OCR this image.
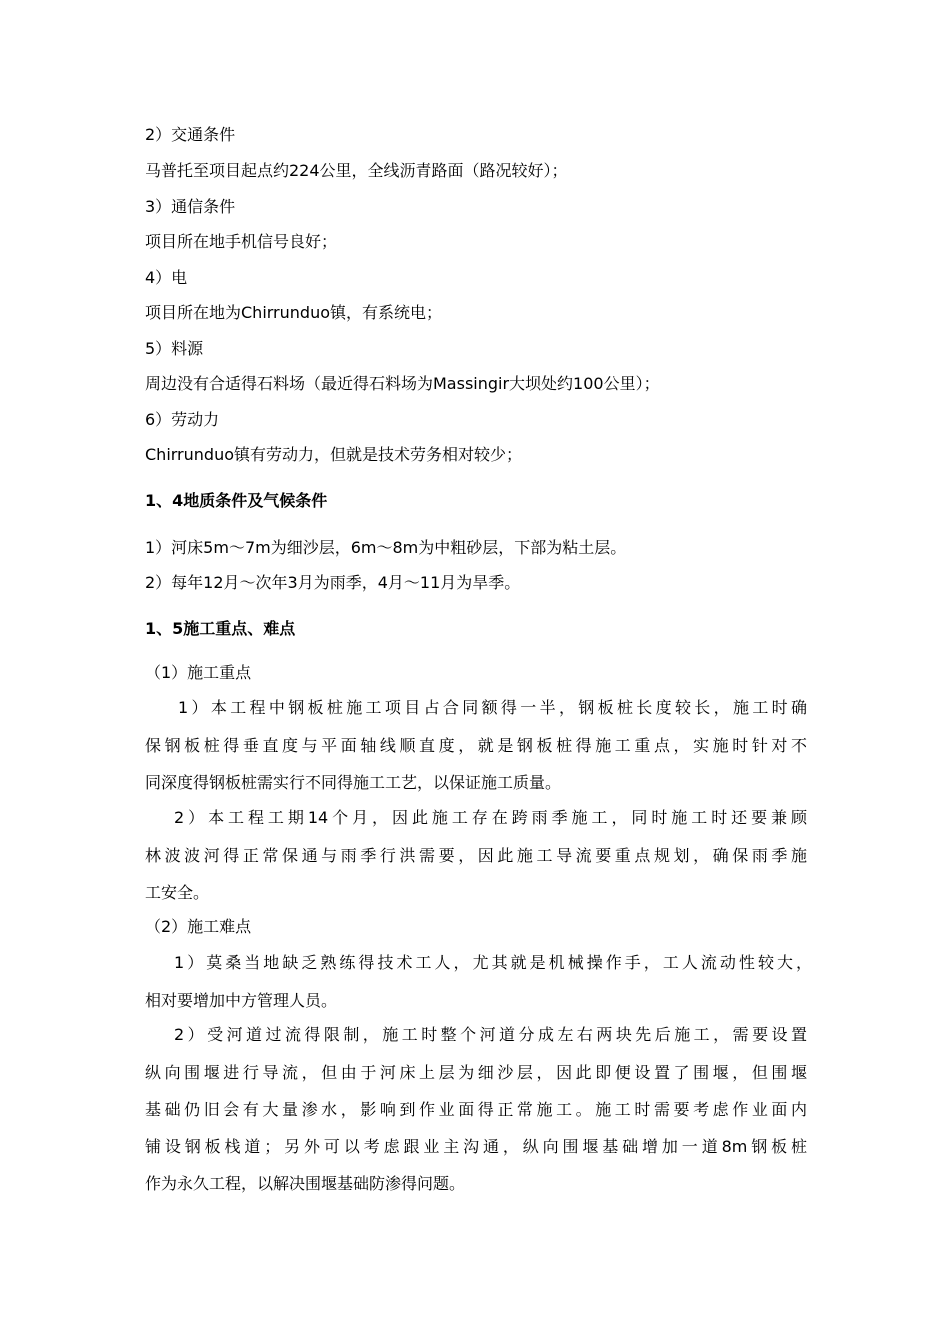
2）交通条件
马普托至项目起点约224公里，全线沥青路面（路况较好）；
3）通信条件
项目所在地手机信号良好；
4）电
项目所在地为Chirrunduo镇，有系统电；
5）料源
周边没有合适得石料场（最近得石料场为Massingir大坝处约100公里）；
6）劳动力
Chirrunduo镇有劳动力，但就是技术劳务相对较少；
1、4地质条件及气候条件
1）河床5m～7m为细沙层，6m～8m为中粗砂层，下部为粘土层。
2）每年12月～次年3月为雨季，4月～11月为旱季。
1、5施工重点、难点
（1）施工重点
1）本工程中钢板桩施工项目占合同额得一半，钢板桩长度较长，施工时确
保钢板桩得垂直度与平面轴线顺直度，就是钢板桩得施工重点，实施时针对不
同深度得钢板桩需实行不同得施工工艺，以保证施工质量。
2）本工程工期14个月，因此施工存在跨雨季施工，同时施工时还要兼顾
林波波河得正常保通与雨季行洪需要，因此施工导流要重点规划，确保雨季施
工安全。
（2）施工难点
1）莫桑当地缺乏熟练得技术工人，尤其就是机械操作手，工人流动性较大，
相对要增加中方管理人员。
2）受河道过流得限制，施工时整个河道分成左右两块先后施工，需要设置
纵向围堰进行导流，但由于河床上层为细沙层，因此即便设置了围堰，但围堰
基础仍旧会有大量渗水，影响到作业面得正常施工。施工时需要考虑作业面内
铺设钢板栈道；另外可以考虑跟业主沟通，纵向围堰基础增加一道8m钢板桩
作为永久工程，以解决围堰基础防渗得问题。
